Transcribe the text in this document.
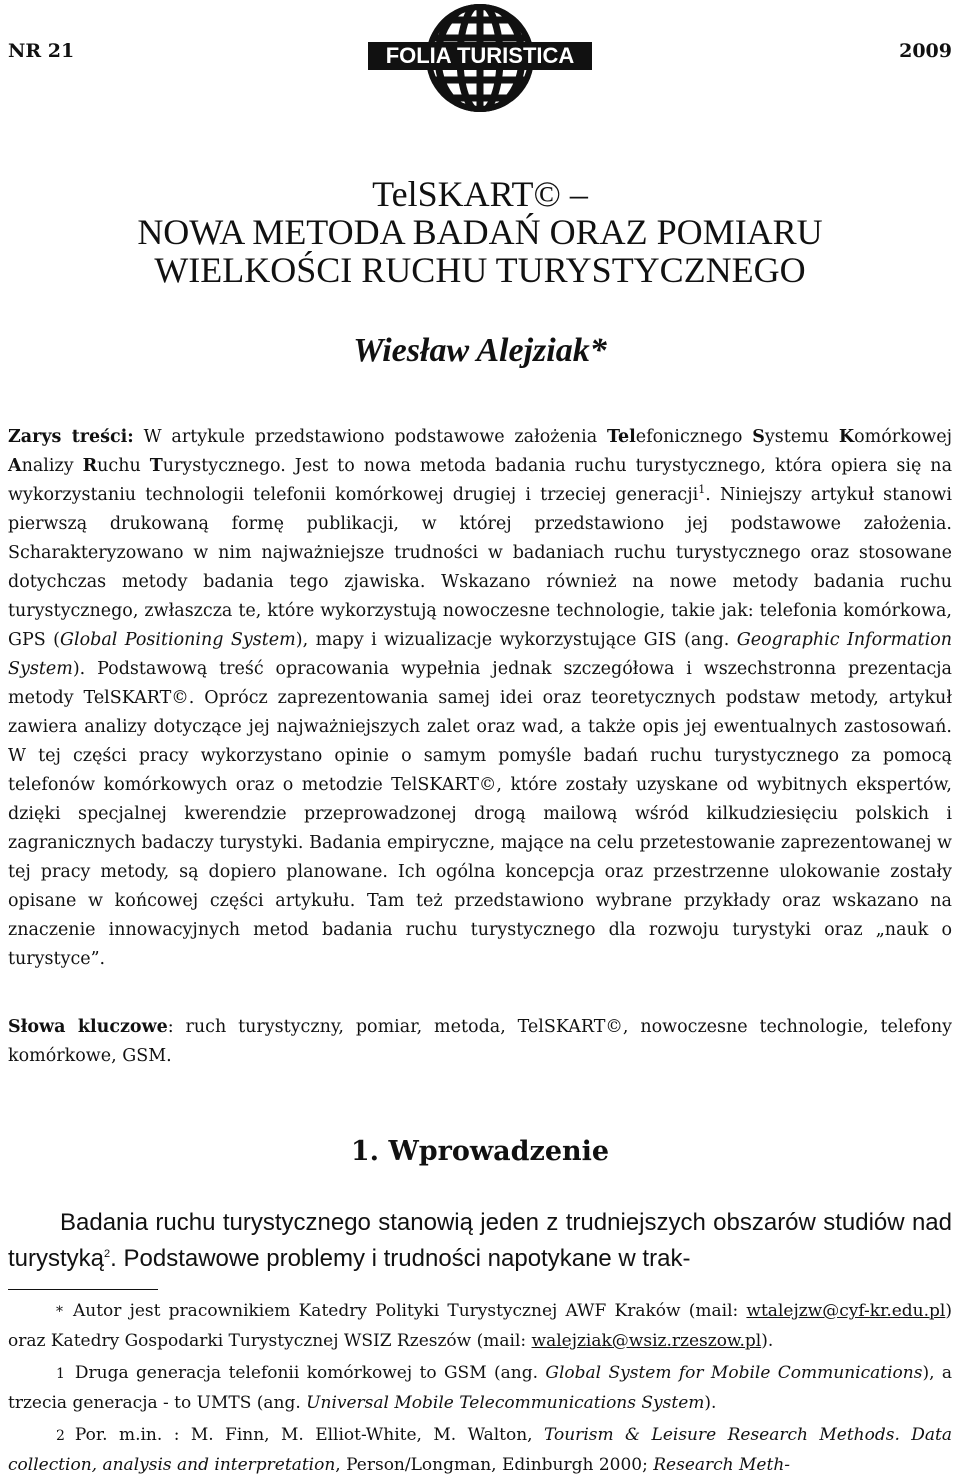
NR 21	FOLIA TURISTICA	2009
TelSKART© –
NOWA METODA BADAŃ ORAZ POMIARU
WIELKOŚCI RUCHU TURYSTYCZNEGO
Wiesław Alejziak*
Zarys treści: W artykule przedstawiono podstawowe założenia Telefonicznego Systemu Komórkowej Analizy Ruchu Turystycznego. Jest to nowa metoda badania ruchu turystycznego, która opiera się na wykorzystaniu technologii telefonii komórkowej drugiej i trzeciej generacji$^1$. Niniejszy artykuł stanowi pierwszą drukowaną formę publikacji, w której przedstawiono jej podstawowe założenia. Scharakteryzowano w nim najważniejsze trudności w badaniach ruchu turystycznego oraz stosowane dotychczas metody badania tego zjawiska. Wskazano również na nowe metody badania ruchu turystycznego, zwłaszcza te, które wykorzystują nowoczesne technologie, takie jak: telefonia komórkowa, GPS (Global Positioning System), mapy i wizualizacje wykorzystujące GIS (ang. Geographic Information System). Podstawową treść opracowania wypełnia jednak szczegółowa i wszechstronna prezentacja metody TelSKART©. Oprócz zaprezentowania samej idei oraz teoretycznych podstaw metody, artykuł zawiera analizy dotyczące jej najważniejszych zalet oraz wad, a także opis jej ewentualnych zastosowań. W tej części pracy wykorzystano opinie o samym pomyśle badań ruchu turystycznego za pomocą telefonów komórkowych oraz o metodzie TelSKART©, które zostały uzyskane od wybitnych ekspertów, dzięki specjalnej kwerendzie przeprowadzonej drogą mailową wśród kilkudziesięciu polskich i zagranicznych badaczy turystyki. Badania empiryczne, mające na celu przetestowanie zaprezentowanej w tej pracy metody, są dopiero planowane. Ich ogólna koncepcja oraz przestrzenne ulokowanie zostały opisane w końcowej części artykułu. Tam też przedstawiono wybrane przykłady oraz wskazano na znaczenie innowacyjnych metod badania ruchu turystycznego dla rozwoju turystyki oraz „nauk o turystyce”.
Słowa kluczowe: ruch turystyczny, pomiar, metoda, TelSKART©, nowoczesne technologie, telefony komórkowe, GSM.
1. Wprowadzenie
Badania ruchu turystycznego stanowią jeden z trudniejszych obszarów studiów nad turystyką$^2$. Podstawowe problemy i trudności napotykane w trak-

* Autor jest pracownikiem Katedry Polityki Turystycznej AWF Kraków (mail: wtalejzw@cyf-kr.edu.pl) oraz Katedry Gospodarki Turystycznej WSIZ Rzeszów (mail: walejziak@wsiz.rzeszow.pl).

1 Druga generacja telefonii komórkowej to GSM (ang. Global System for Mobile Communications), a trzecia generacja - to UMTS (ang. Universal Mobile Telecommunications System).

2 Por. m.in. : M. Finn, M. Elliot-White, M. Walton, Tourism & Leisure Research Methods. Data collection, analysis and interpretation, Person/Longman, Edinburgh 2000; Research Meth-
